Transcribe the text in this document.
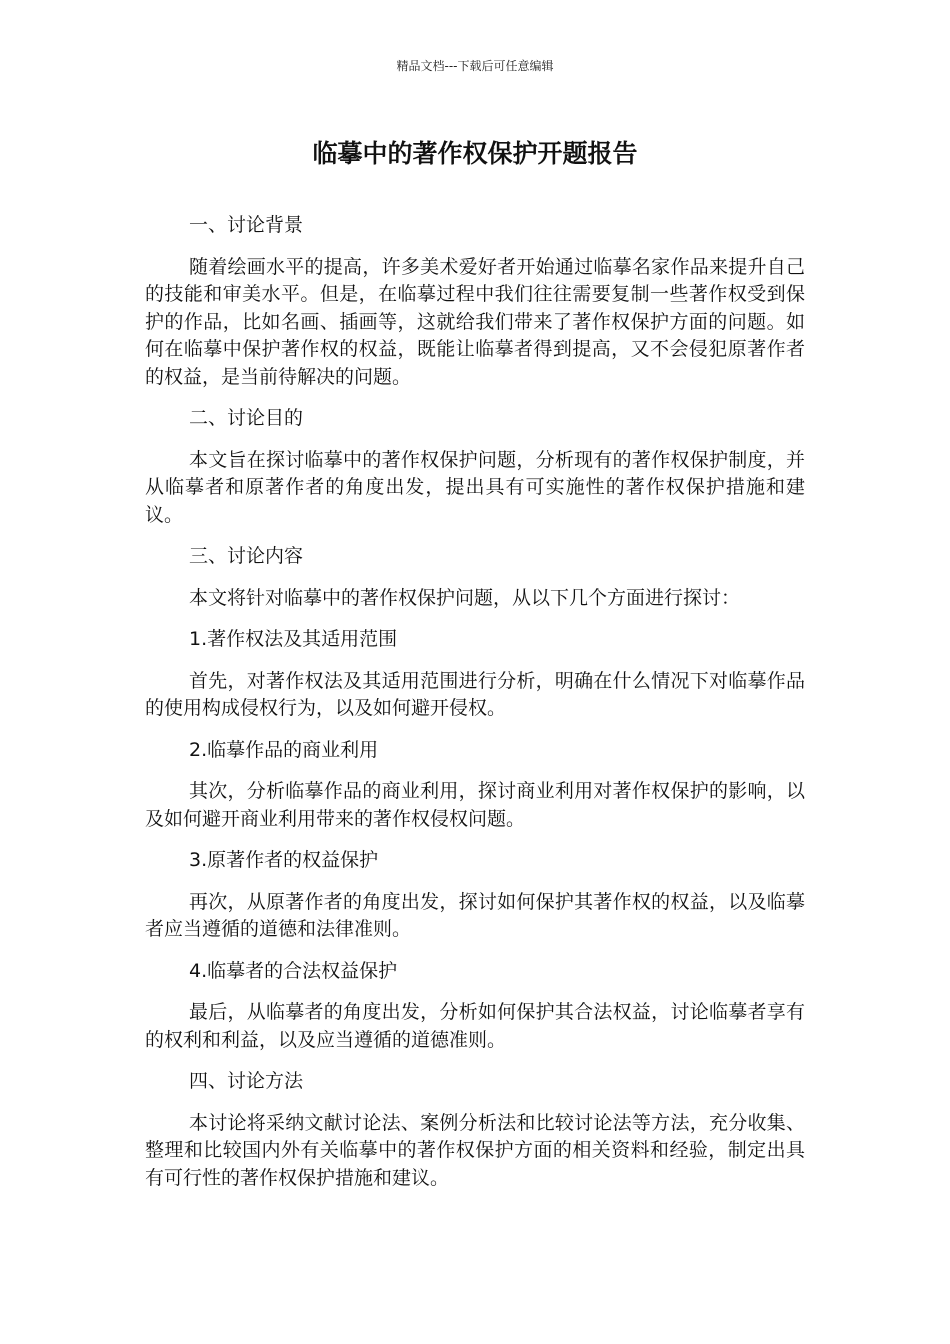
精品文档---下载后可任意编辑
临摹中的著作权保护开题报告

一、讨论背景

随着绘画水平的提高，许多美术爱好者开始通过临摹名家作品来提升自己的技能和审美水平。但是，在临摹过程中我们往往需要复制一些著作权受到保护的作品，比如名画、插画等，这就给我们带来了著作权保护方面的问题。如何在临摹中保护著作权的权益，既能让临摹者得到提高，又不会侵犯原著作者的权益，是当前待解决的问题。

二、讨论目的

本文旨在探讨临摹中的著作权保护问题，分析现有的著作权保护制度，并从临摹者和原著作者的角度出发，提出具有可实施性的著作权保护措施和建议。

三、讨论内容

本文将针对临摹中的著作权保护问题，从以下几个方面进行探讨：

1.著作权法及其适用范围

首先，对著作权法及其适用范围进行分析，明确在什么情况下对临摹作品的使用构成侵权行为，以及如何避开侵权。

2.临摹作品的商业利用

其次，分析临摹作品的商业利用，探讨商业利用对著作权保护的影响，以及如何避开商业利用带来的著作权侵权问题。

3.原著作者的权益保护

再次，从原著作者的角度出发，探讨如何保护其著作权的权益，以及临摹者应当遵循的道德和法律准则。

4.临摹者的合法权益保护

最后，从临摹者的角度出发，分析如何保护其合法权益，讨论临摹者享有的权利和利益，以及应当遵循的道德准则。

四、讨论方法

本讨论将采纳文献讨论法、案例分析法和比较讨论法等方法，充分收集、整理和比较国内外有关临摹中的著作权保护方面的相关资料和经验，制定出具有可行性的著作权保护措施和建议。
